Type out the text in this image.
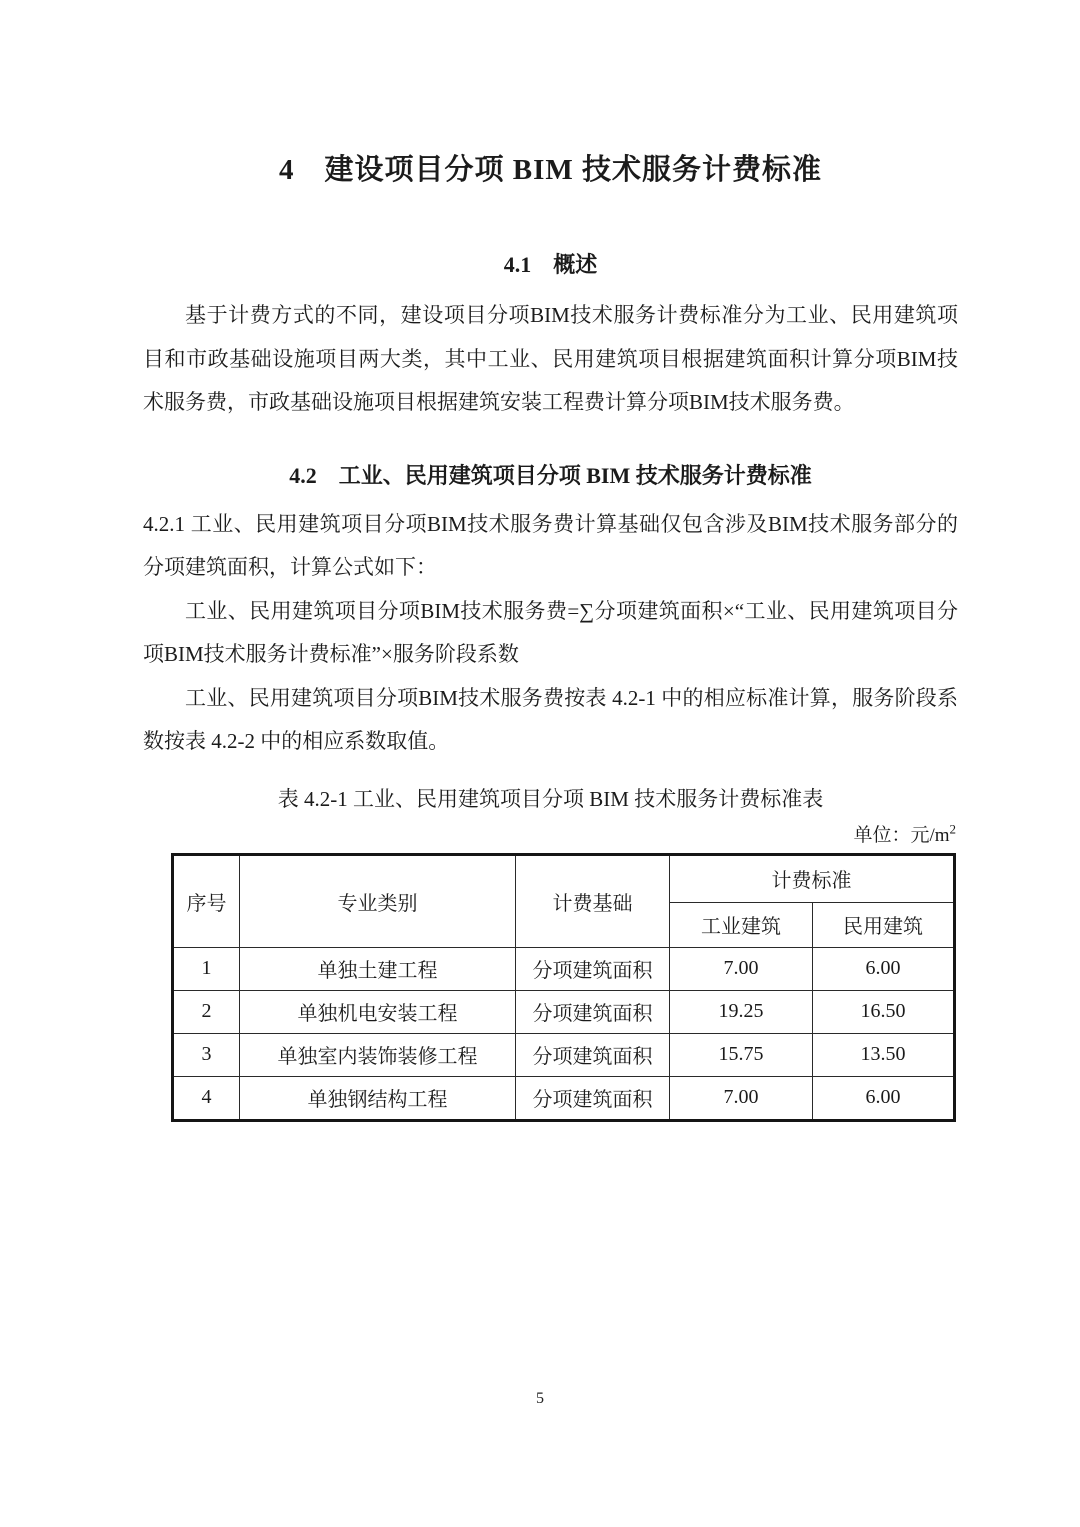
4　建设项目分项 BIM 技术服务计费标准
4.1　概述

基于计费方式的不同，建设项目分项BIM技术服务计费标准分为工业、民用建筑项目和市政基础设施项目两大类，其中工业、民用建筑项目根据建筑面积计算分项BIM技术服务费，市政基础设施项目根据建筑安装工程费计算分项BIM技术服务费。

4.2　工业、民用建筑项目分项 BIM 技术服务计费标准

4.2.1 工业、民用建筑项目分项BIM技术服务费计算基础仅包含涉及BIM技术服务部分的分项建筑面积，计算公式如下：

工业、民用建筑项目分项BIM技术服务费=∑分项建筑面积×“工业、民用建筑项目分项BIM技术服务计费标准”×服务阶段系数

工业、民用建筑项目分项BIM技术服务费按表 4.2-1 中的相应标准计算，服务阶段系数按表 4.2-2 中的相应系数取值。

表 4.2-1 工业、民用建筑项目分项 BIM 技术服务计费标准表
单位：元$/m^2$
序号	专业类别	计费基础	计费标准	
			工业建筑	民用建筑
1	单独土建工程	分项建筑面积	7.00	6.00
2	单独机电安装工程	分项建筑面积	19.25	16.50
3	单独室内装饰装修工程	分项建筑面积	15.75	13.50
4	单独钢结构工程	分项建筑面积	7.00	6.00
5
